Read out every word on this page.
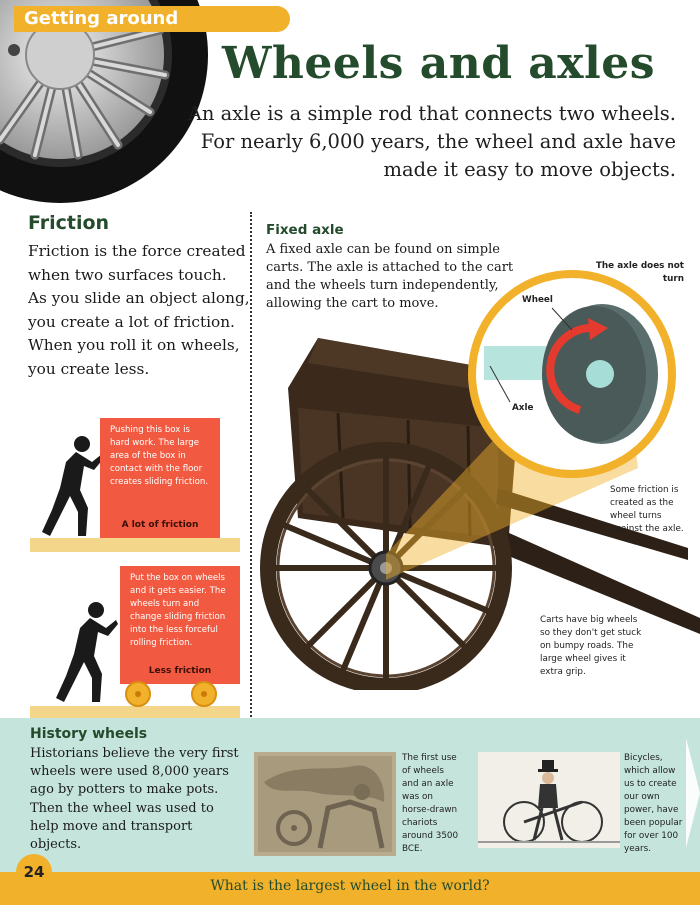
Getting around
Wheels and axles

An axle is a simple rod that connects two wheels. For nearly 6,000 years, the wheel and axle have made it easy to move objects.

Friction

Friction is the force created when two surfaces touch. As you slide an object along, you create a lot of friction. When you roll it on wheels, you create less.

Pushing this box is hard work. The large area of the box in contact with the floor creates sliding friction.
A lot of friction
Put the box on wheels and it gets easier. The wheels turn and change sliding friction into the less forceful rolling friction.
Less friction
Fixed axle

A fixed axle can be found on simple carts. The axle is attached to the cart and the wheels turn independently, allowing the cart to move.

The axle does not turn
Wheel
Axle
Some friction is created as the wheel turns against the axle.
Carts have big wheels so they don't get stuck on bumpy roads. The large wheel gives it extra grip.
History wheels

Historians believe the very first wheels were used 8,000 years ago by potters to make pots. Then the wheel was used to help move and transport objects.

The first use of wheels and an axle was on horse-drawn chariots around 3500 BCE.
Bicycles, which allow us to create our own power, have been popular for over 100 years.
24
What is the largest wheel in the world?
